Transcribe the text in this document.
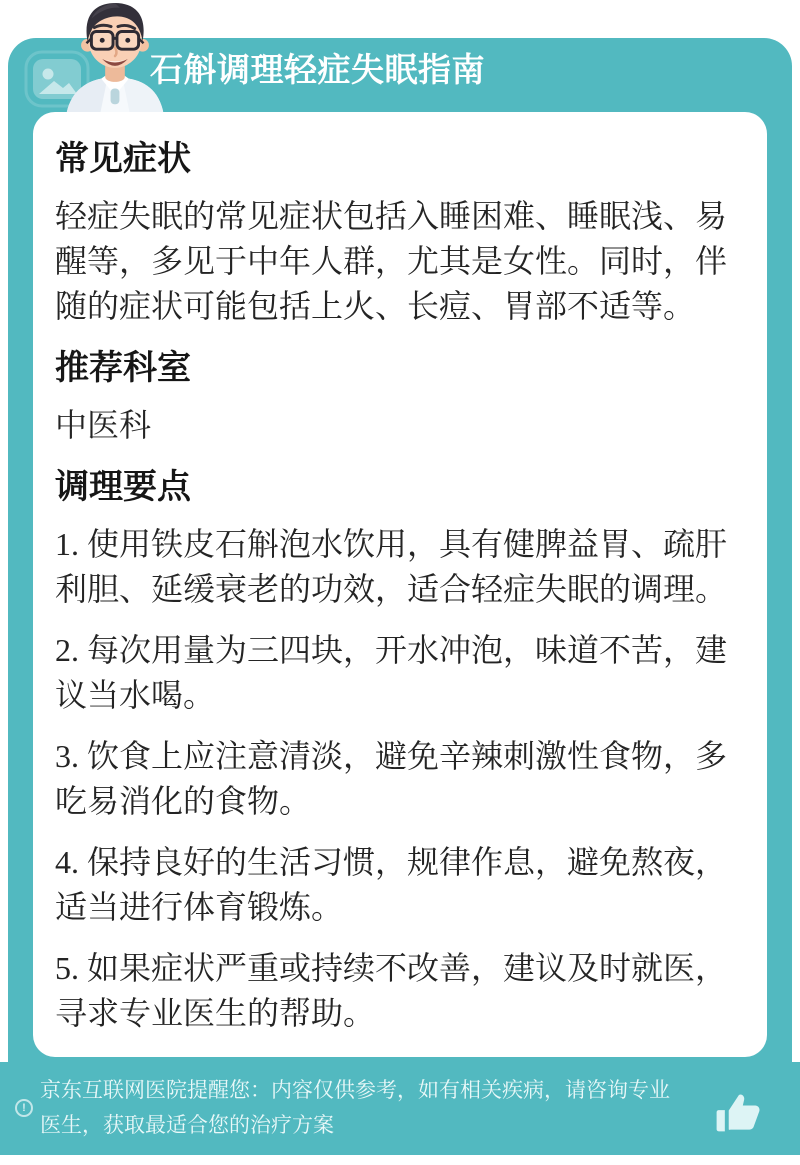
石斛调理轻症失眠指南
常见症状

轻症失眠的常见症状包括入睡困难、睡眠浅、易醒等，多见于中年人群，尤其是女性。同时，伴随的症状可能包括上火、长痘、胃部不适等。

推荐科室

中医科

调理要点
1. 使用铁皮石斛泡水饮用，具有健脾益胃、疏肝利胆、延缓衰老的功效，适合轻症失眠的调理。
2. 每次用量为三四块，开水冲泡，味道不苦，建议当水喝。
3. 饮食上应注意清淡，避免辛辣刺激性食物，多吃易消化的食物。
4. 保持良好的生活习惯，规律作息，避免熬夜，适当进行体育锻炼。
5. 如果症状严重或持续不改善，建议及时就医，寻求专业医生的帮助。
!

京东互联网医院提醒您：内容仅供参考，如有相关疾病，请咨询专业医生，获取最适合您的治疗方案
